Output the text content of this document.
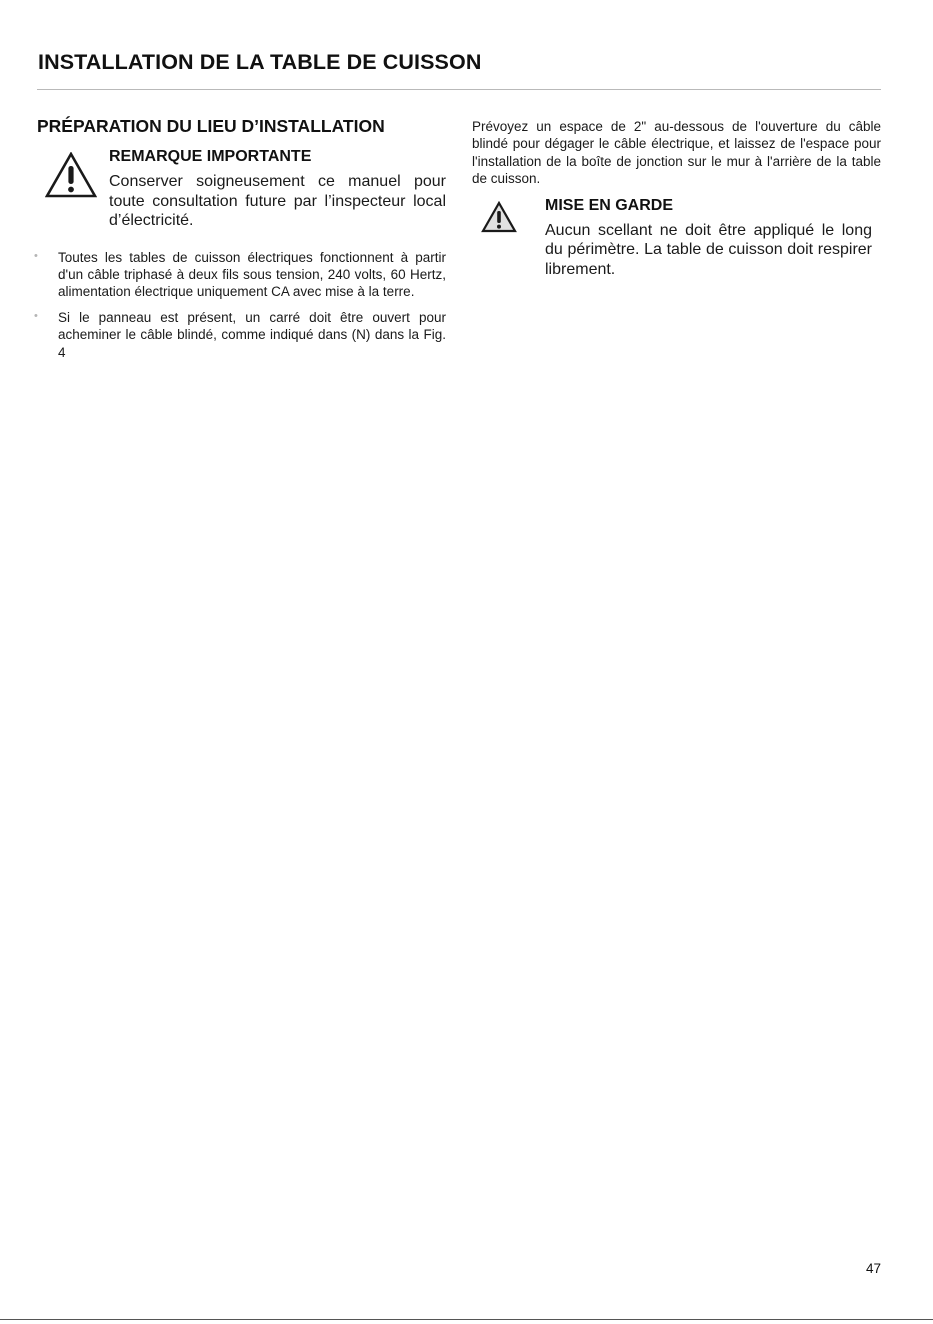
INSTALLATION DE LA TABLE DE CUISSON
PRÉPARATION DU LIEU D’INSTALLATION
REMARQUE IMPORTANTE

Conserver soigneusement ce manuel pour toute consultation future par l’inspecteur local d’électricité.

• Toutes les tables de cuisson électriques fonctionnent à partir d'un câble triphasé à deux fils sous tension, 240 volts, 60 Hertz, alimentation électrique uniquement CA avec mise à la terre.
• Si le panneau est présent, un carré doit être ouvert pour acheminer le câble blindé, comme indiqué dans (N) dans la Fig. 4

Prévoyez un espace de 2" au-dessous de l'ouverture du câble blindé pour dégager le câble électrique, et laissez de l'espace pour l'installation de la boîte de jonction sur le mur à l'arrière de la table de cuisson.

MISE EN GARDE

Aucun scellant ne doit être appliqué le long du périmètre. La table de cuisson doit respirer librement.

47
